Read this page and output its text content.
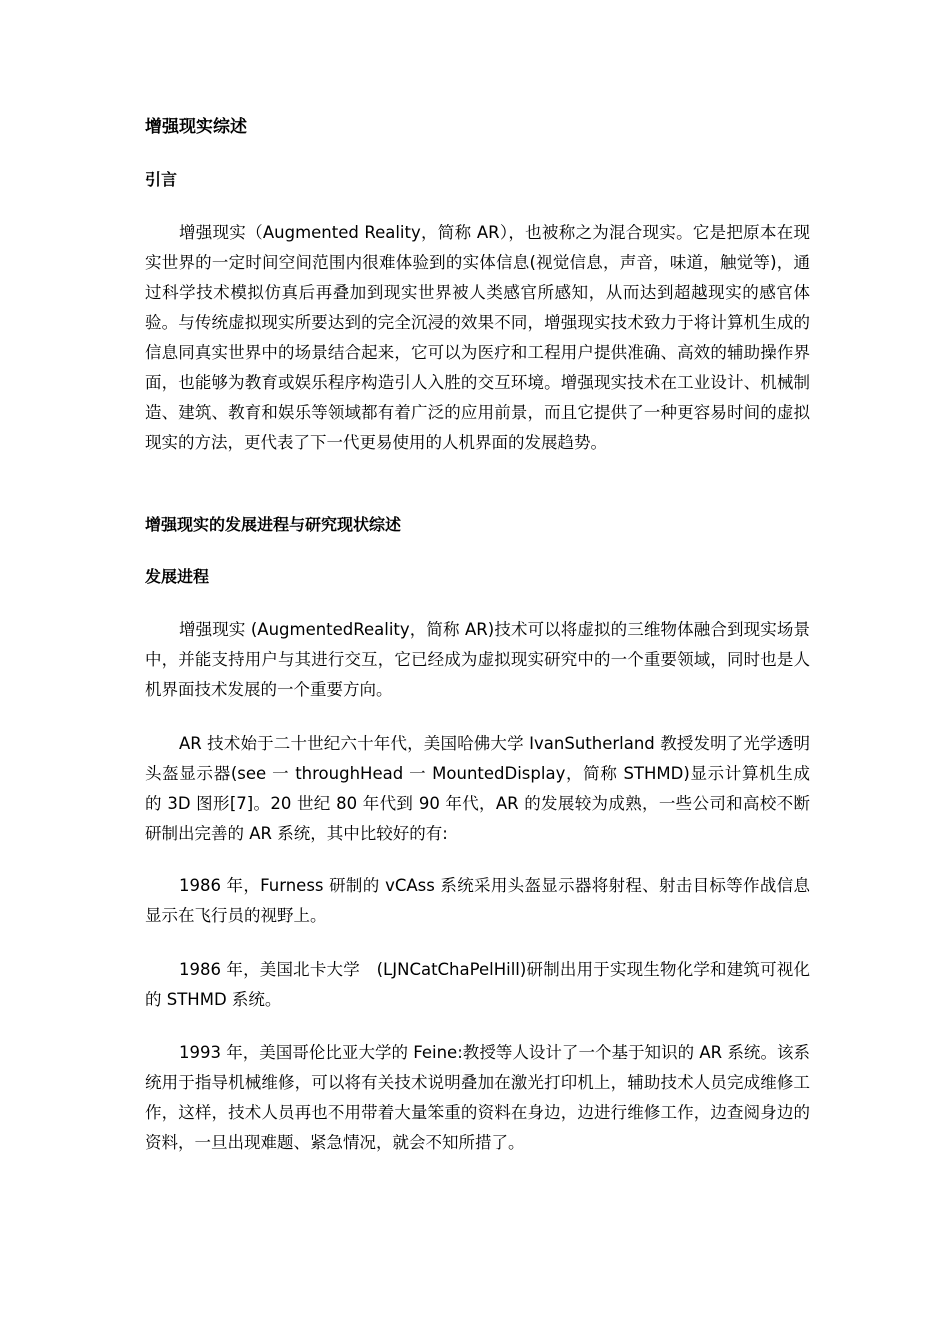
增强现实综述
引言

增强现实（Augmented Reality，简称 AR），也被称之为混合现实。它是把原本在现实世界的一定时间空间范围内很难体验到的实体信息(视觉信息，声音，味道，触觉等)，通过科学技术模拟仿真后再叠加到现实世界被人类感官所感知，从而达到超越现实的感官体验。与传统虚拟现实所要达到的完全沉浸的效果不同，增强现实技术致力于将计算机生成的信息同真实世界中的场景结合起来，它可以为医疗和工程用户提供准确、高效的辅助操作界面，也能够为教育或娱乐程序构造引人入胜的交互环境。增强现实技术在工业设计、机械制造、建筑、教育和娱乐等领域都有着广泛的应用前景，而且它提供了一种更容易时间的虚拟现实的方法，更代表了下一代更易使用的人机界面的发展趋势。

增强现实的发展进程与研究现状综述
发展进程

增强现实 (AugmentedReality，简称 AR)技术可以将虚拟的三维物体融合到现实场景中，并能支持用户与其进行交互，它已经成为虚拟现实研究中的一个重要领域，同时也是人机界面技术发展的一个重要方向。

AR 技术始于二十世纪六十年代，美国哈佛大学 IvanSutherland 教授发明了光学透明头盔显示器(see 一 throughHead 一 MountedDisplay，简称 STHMD)显示计算机生成的 3D 图形[7]。20 世纪 80 年代到 90 年代，AR 的发展较为成熟，一些公司和高校不断研制出完善的 AR 系统，其中比较好的有:

1986 年，Furness 研制的 vCAss 系统采用头盔显示器将射程、射击目标等作战信息显示在飞行员的视野上。

1986 年，美国北卡大学　(LJNCatChaPelHill)研制出用于实现生物化学和建筑可视化的 STHMD 系统。

1993 年，美国哥伦比亚大学的 Feine:教授等人设计了一个基于知识的 AR 系统。该系统用于指导机械维修，可以将有关技术说明叠加在激光打印机上，辅助技术人员完成维修工作，这样，技术人员再也不用带着大量笨重的资料在身边，边进行维修工作，边查阅身边的资料，一旦出现难题、紧急情况，就会不知所措了。
